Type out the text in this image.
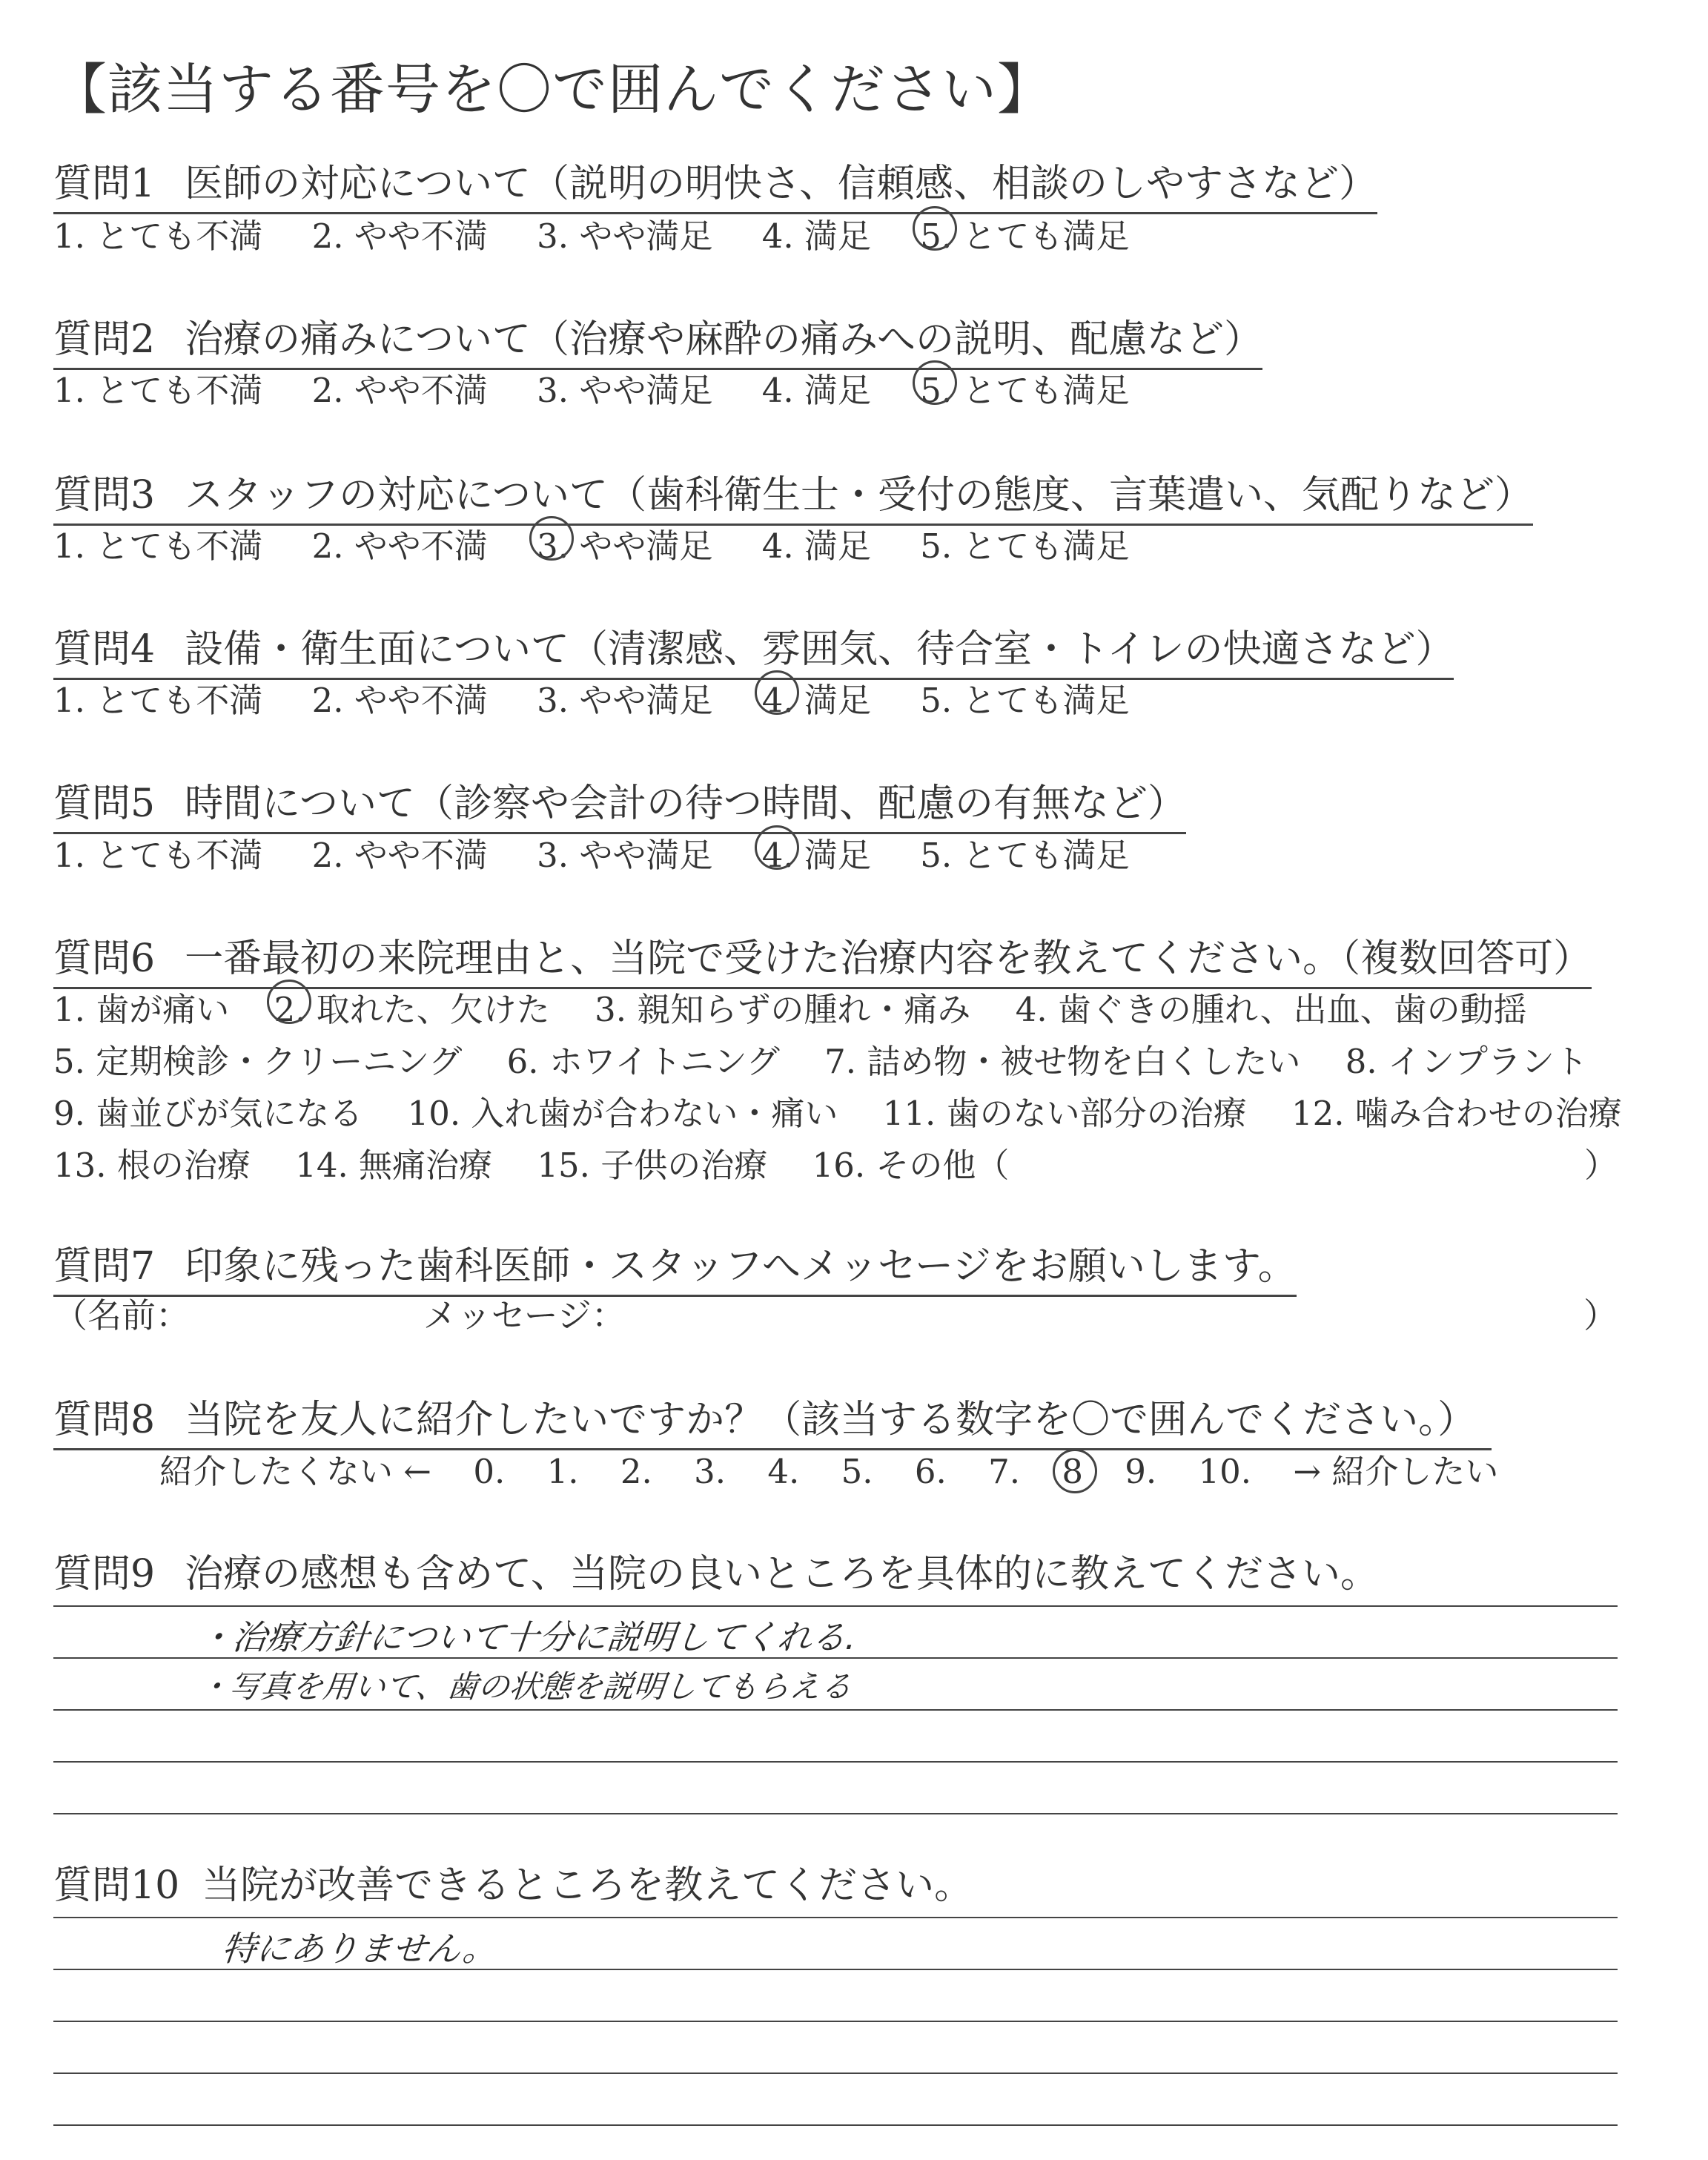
【該当する番号を〇で囲んでください】
質問1 医師の対応について（説明の明快さ、信頼感、相談のしやすさなど）
1. とても不満 2. やや不満 3. やや満足 4. 満足 5. とても満足
質問2 治療の痛みについて（治療や麻酔の痛みへの説明、配慮など）
1. とても不満 2. やや不満 3. やや満足 4. 満足 5. とても満足
質問3 スタッフの対応について（歯科衛生士・受付の態度、言葉遣い、気配りなど）
1. とても不満 2. やや不満 3. やや満足 4. 満足 5. とても満足
質問4 設備・衛生面について（清潔感、雰囲気、待合室・トイレの快適さなど）
1. とても不満 2. やや不満 3. やや満足 4. 満足 5. とても満足
質問5 時間について（診察や会計の待つ時間、配慮の有無など）
1. とても不満 2. やや不満 3. やや満足 4. 満足 5. とても満足
質問6 一番最初の来院理由と、当院で受けた治療内容を教えてください。（複数回答可）
1. 歯が痛い 2. 取れた、欠けた 3. 親知らずの腫れ・痛み 4. 歯ぐきの腫れ、出血、歯の動揺
5. 定期検診・クリーニング 6. ホワイトニング 7. 詰め物・被せ物を白くしたい 8. インプラント
9. 歯並びが気になる 10. 入れ歯が合わない・痛い 11. 歯のない部分の治療 12. 噛み合わせの治療
13. 根の治療 14. 無痛治療 15. 子供の治療 16. その他（	）
質問7 印象に残った歯科医師・スタッフへメッセージをお願いします。
（名前：	メッセージ：	）
質問8 当院を友人に紹介したいですか？（該当する数字を〇で囲んでください。）
紹介したくない ← 0. 1. 2. 3. 4. 5. 6. 7. 8 9. 10. → 紹介したい
質問9 治療の感想も含めて、当院の良いところを具体的に教えてください。
・治療方針について十分に説明してくれる.
・写真を用いて、歯の状態を説明してもらえる
質問10 当院が改善できるところを教えてください。
特にありません。
